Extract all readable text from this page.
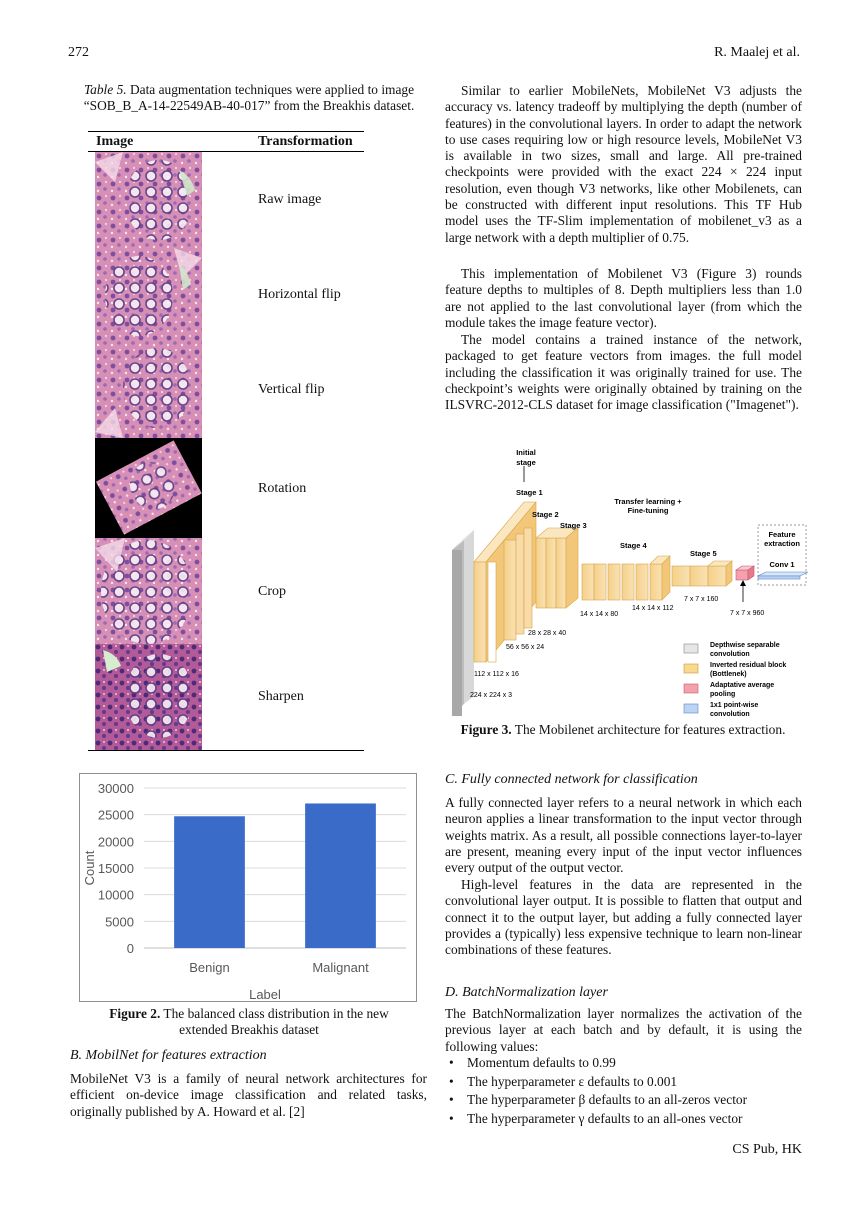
272	R. Maalej et al.
Table 5. Data augmentation techniques were applied to image “SOB_B_A-14-22549AB-40-017” from the Breakhis dataset.
Image	Transformation
Raw image
Horizontal flip
Vertical flip
Rotation
Crop
Sharpen
0
5000
10000
15000
20000
25000
30000
Benign	Malignant
Label
Count
Figure 2. The balanced class distribution in the new extended Breakhis dataset
B. MobilNet for features extraction
MobileNet V3 is a family of neural network architectures for efficient on-device image classification and related tasks, originally published by A. Howard et al. [2]
Similar to earlier MobileNets, MobileNet V3 adjusts the accuracy vs. latency tradeoff by multiplying the depth (number of features) in the convolutional layers. In order to adapt the network to use cases requiring low or high resource levels, MobileNet V3 is available in two sizes, small and large. All pre-trained checkpoints were provided with the exact 224 × 224 input resolution, even though V3 networks, like other Mobilenets, can be constructed with different input resolutions. This TF Hub model uses the TF-Slim implementation of mobilenet_v3 as a large network with a depth multiplier of 0.75.
This implementation of Mobilenet V3 (Figure 3) rounds feature depths to multiples of 8. Depth multipliers less than 1.0 are not applied to the last convolutional layer (from which the module takes the image feature vector).
The model contains a trained instance of the network, packaged to get feature vectors from images. the full model including the classification it was originally trained for use. The checkpoint’s weights were originally obtained by training on the ILSVRC-2012-CLS dataset for image classification ("Imagenet").
Initial
stage
Stage 1
Stage 2
Stage 3
Stage 4
Stage 5
Transfer learning +
Fine-tuning
Feature
extraction
Conv 1
224 x 224 x 3
112 x 112 x 16
56 x 56 x 24
28 x 28 x 40
14 x 14 x 80
14 x 14 x 112
7 x 7 x 160
7 x 7 x 960
Depthwise separable
convolution
Inverted residual block
(Bottlenek)
Adaptative average
pooling
1x1 point-wise
convolution
Figure 3. The Mobilenet architecture for features extraction.
C. Fully connected network for classification
A fully connected layer refers to a neural network in which each neuron applies a linear transformation to the input vector through weights matrix. As a result, all possible connections layer-to-layer are present, meaning every input of the input vector influences every output of the output vector.
High-level features in the data are represented in the convolutional layer output. It is possible to flatten that output and connect it to the output layer, but adding a fully connected layer provides a (typically) less expensive technique to learn non-linear combinations of these features.
D. BatchNormalization layer
The BatchNormalization layer normalizes the activation of the previous layer at each batch and by default, it is using the following values:
• Momentum defaults to 0.99
• The hyperparameter ε defaults to 0.001
• The hyperparameter β defaults to an all-zeros vector
• The hyperparameter γ defaults to an all-ones vector
CS Pub, HK
